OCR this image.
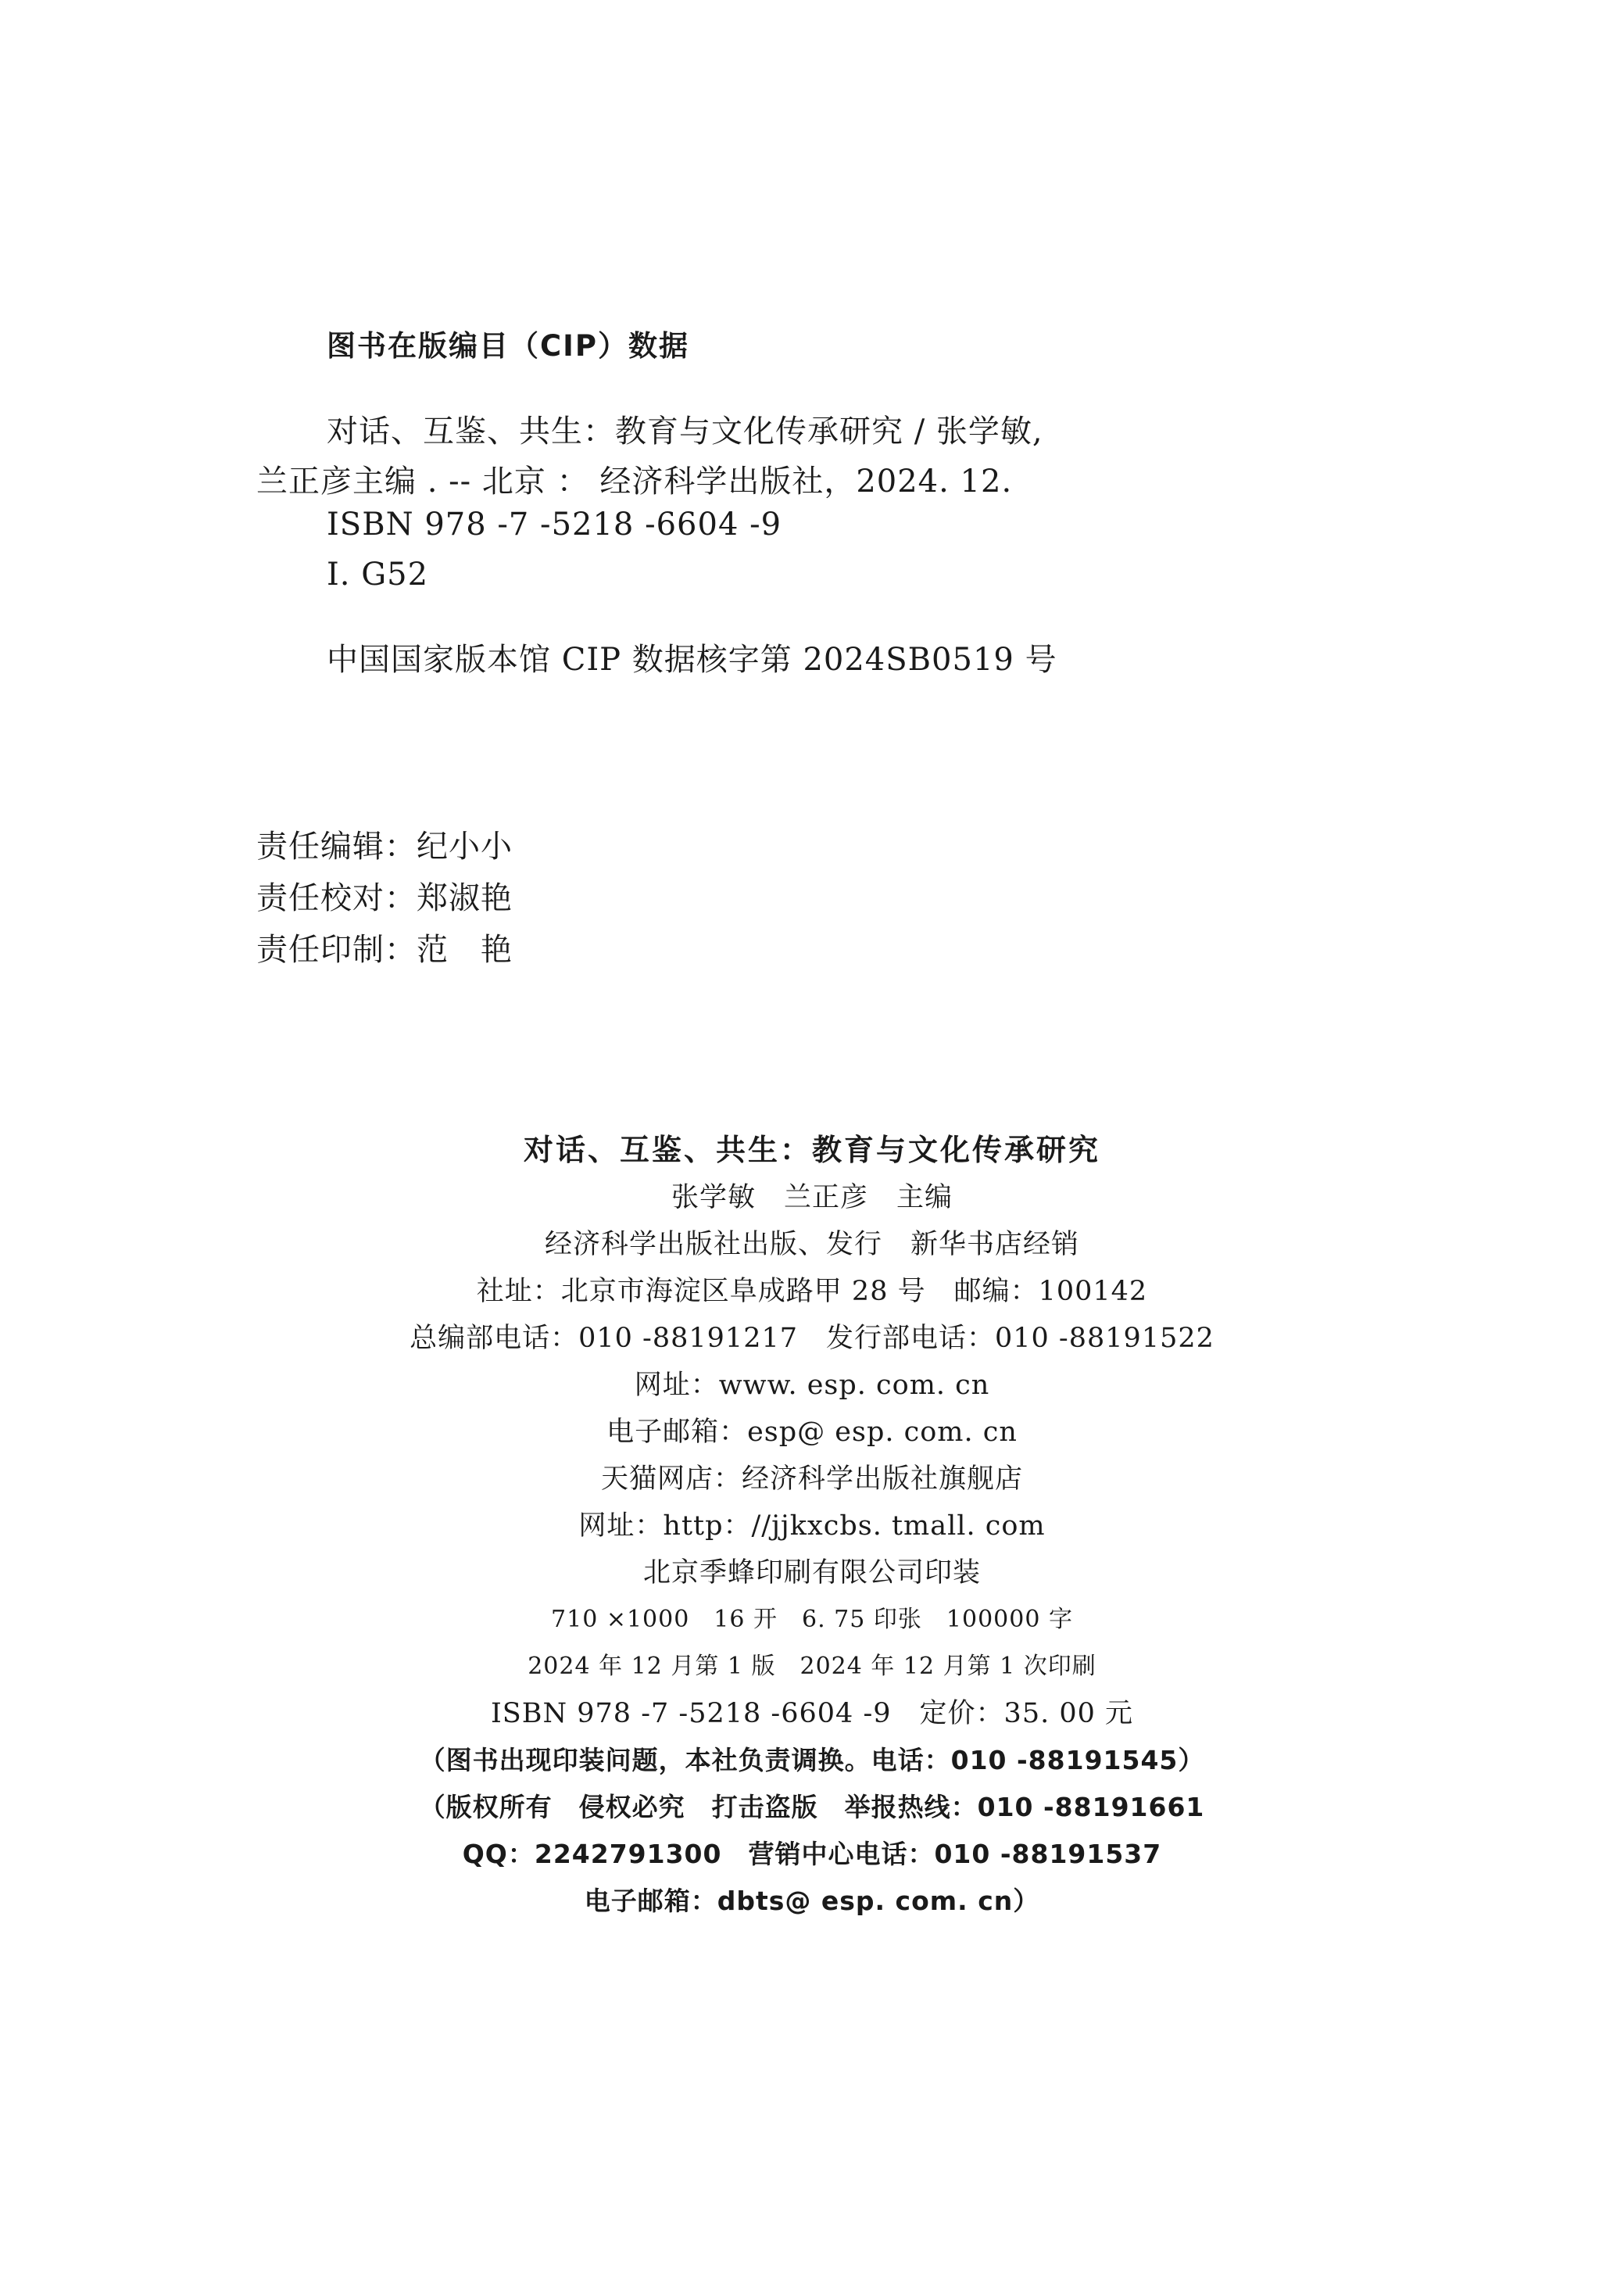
图书在版编目（CIP）数据
对话、互鉴、共生：教育与文化传承研究 / 张学敏,
兰正彦主编 . -- 北京 ： 经济科学出版社，2024. 12.
ISBN 978 -7 -5218 -6604 -9
Ⅰ. G52
中国国家版本馆 CIP 数据核字第 2024SB0519 号
责任编辑：纪小小
责任校对：郑淑艳
责任印制：范　艳
对话、互鉴、共生：教育与文化传承研究
张学敏　兰正彦　主编
经济科学出版社出版、发行　新华书店经销
社址：北京市海淀区阜成路甲 28 号　邮编：100142
总编部电话：010 -88191217　发行部电话：010 -88191522
网址：www. esp. com. cn
电子邮箱：esp@ esp. com. cn
天猫网店：经济科学出版社旗舰店
网址：http：//jjkxcbs. tmall. com
北京季蜂印刷有限公司印装
710 ×1000　16 开　6. 75 印张　100000 字
2024 年 12 月第 1 版　2024 年 12 月第 1 次印刷
ISBN 978 -7 -5218 -6604 -9　定价：35. 00 元
（图书出现印装问题，本社负责调换。电话：010 -88191545）
（版权所有　侵权必究　打击盗版　举报热线：010 -88191661
QQ：2242791300　营销中心电话：010 -88191537
电子邮箱：dbts@ esp. com. cn）
